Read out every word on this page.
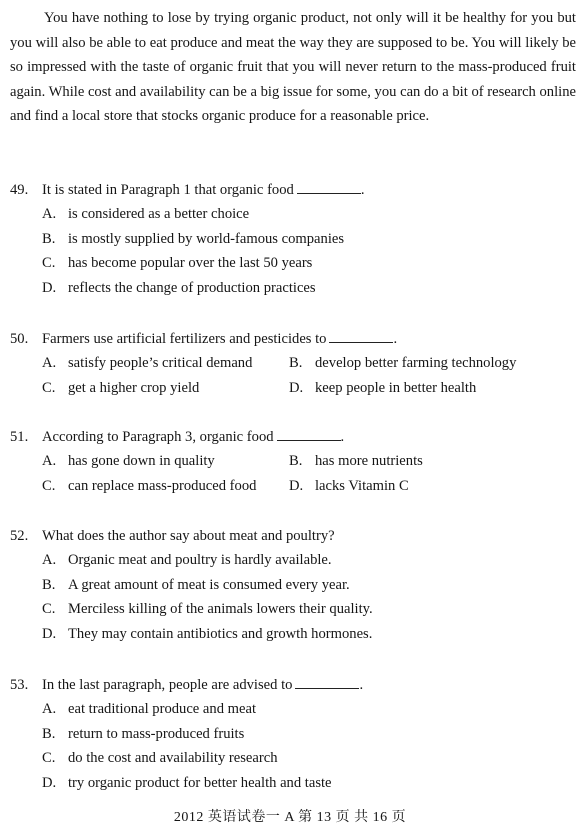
You have nothing to lose by trying organic product, not only will it be healthy for you but you will also be able to eat produce and meat the way they are supposed to be. You will likely be so impressed with the taste of organic fruit that you will never return to the mass-produced fruit again. While cost and availability can be a big issue for some, you can do a bit of research online and find a local store that stocks organic produce for a reasonable price.

49. It is stated in Paragraph 1 that organic food	.
A. is considered as a better choice
B. is mostly supplied by world-famous companies
C. has become popular over the last 50 years
D. reflects the change of production practices
50. Farmers use artificial fertilizers and pesticides to	.
A. satisfy people’s critical demand	B. develop better farming technology
C. get a higher crop yield	D. keep people in better health
51. According to Paragraph 3, organic food	.
A. has gone down in quality	B. has more nutrients
C. can replace mass-produced food D. lacks Vitamin C
52. What does the author say about meat and poultry?
A. Organic meat and poultry is hardly available.
B. A great amount of meat is consumed every year.
C. Merciless killing of the animals lowers their quality.
D. They may contain antibiotics and growth hormones.
53. In the last paragraph, people are advised to	.
A. eat traditional produce and meat
B. return to mass-produced fruits
C. do the cost and availability research
D. try organic product for better health and taste
2012 英语试卷一 A 第 13 页 共 16 页
